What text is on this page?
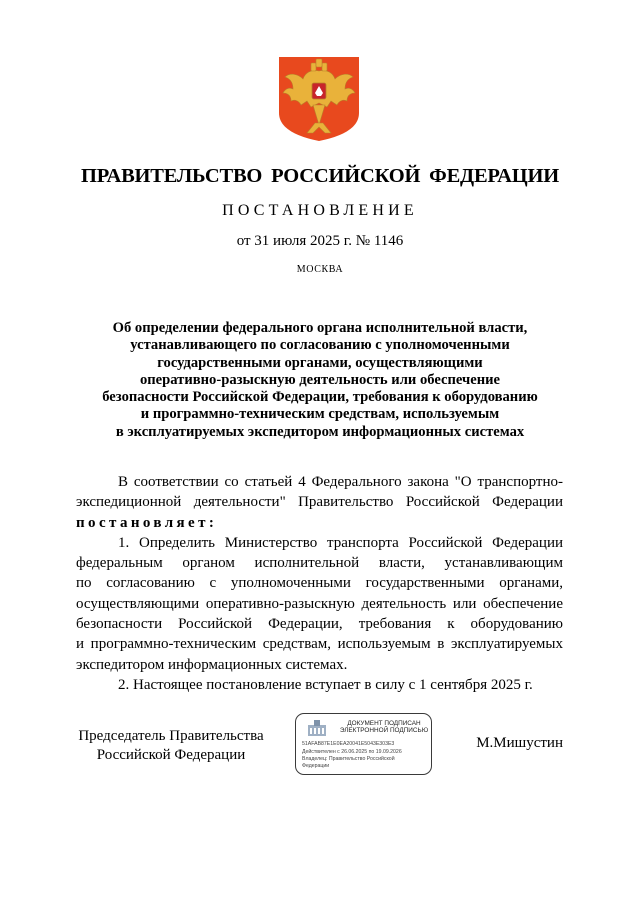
ПРАВИТЕЛЬСТВО РОССИЙСКОЙ ФЕДЕРАЦИИ
ПОСТАНОВЛЕНИЕ
от 31 июля 2025 г. № 1146
МОСКВА
Об определении федерального органа исполнительной власти,
устанавливающего по согласованию с уполномоченными
государственными органами, осуществляющими
оперативно-разыскную деятельность или обеспечение
безопасности Российской Федерации, требования к оборудованию
и программно-техническим средствам, используемым
в эксплуатируемых экспедитором информационных системах
В соответствии со статьей 4 Федерального закона "О транспортно-
экспедиционной деятельности" Правительство Российской Федерации
постановляет:
1. Определить Министерство транспорта Российской Федерации
федеральным органом исполнительной власти, устанавливающим
по согласованию с уполномоченными государственными органами,
осуществляющими оперативно-разыскную деятельность или обеспечение
безопасности Российской Федерации, требования к оборудованию
и программно-техническим средствам, используемым в эксплуатируемых
экспедитором информационных системах.
2. Настоящее постановление вступает в силу с 1 сентября 2025 г.
Председатель Правительства
Российской Федерации
ДОКУМЕНТ ПОДПИСАН
ЭЛЕКТРОННОЙ ПОДПИСЬЮ
51AFAB87E1E0EA20041E5043E303E3
Действителен с 26.06.2025 по 19.09.2026
Владелец: Правительство Российской
Федерации
М.Мишустин
